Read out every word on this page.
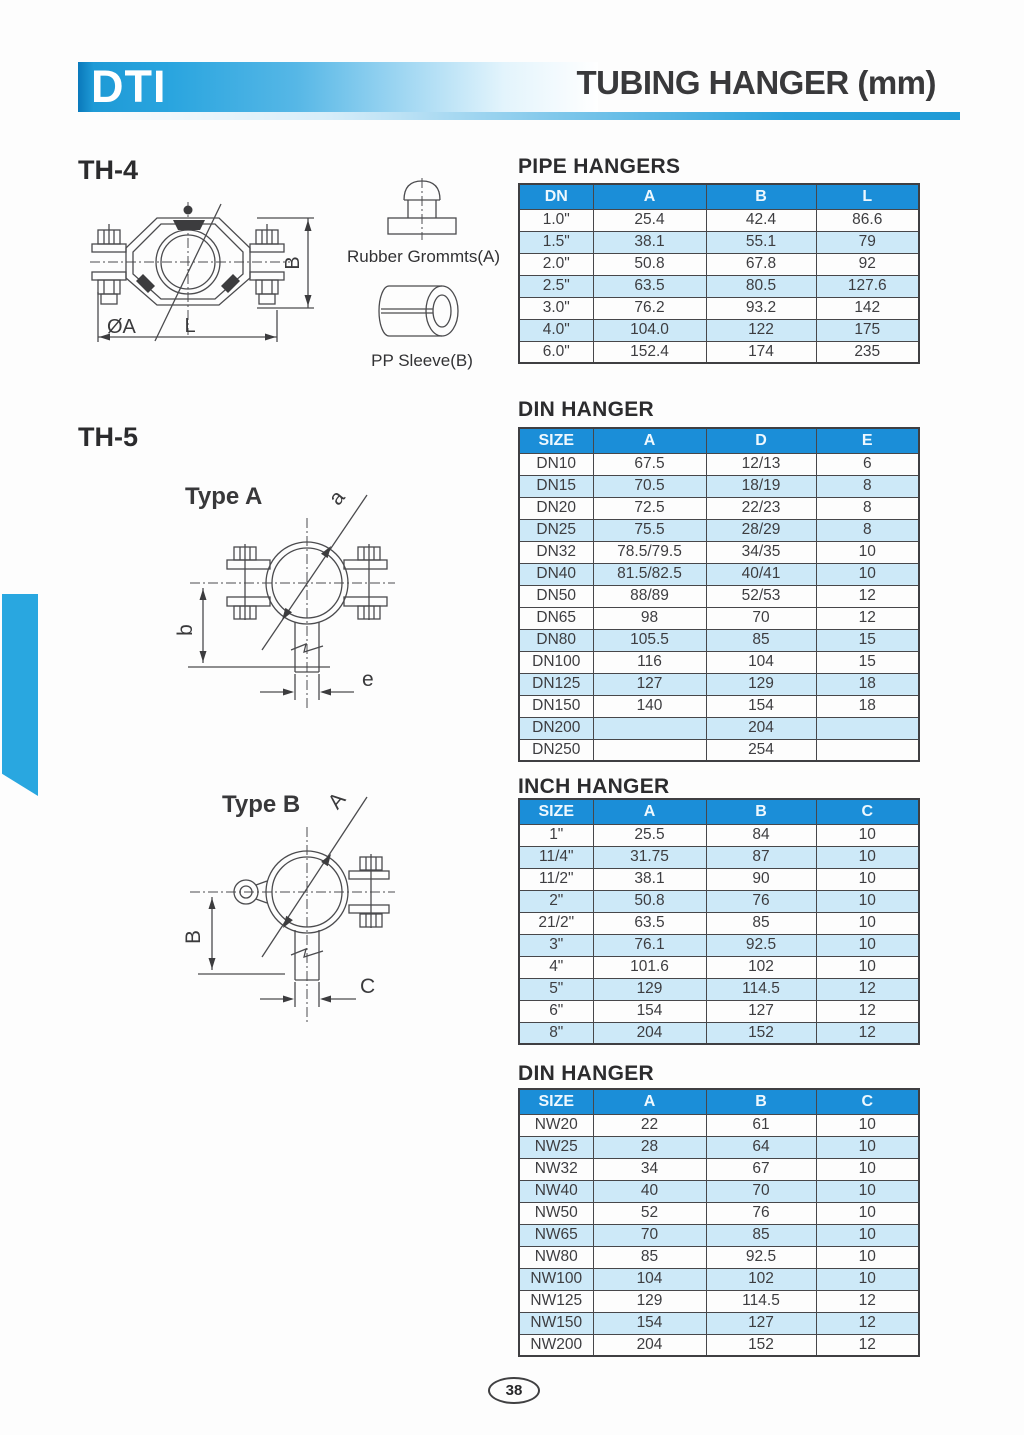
DTI	TUBING HANGER (mm)
TH-4
B
L
ØA
Rubber Grommts(A)
PP Sleeve(B)
TH-5
Type A	a
b
e
Type B A
B
C
PIPE HANGERS
DN	A	B	L
1.0"	25.4	42.4	86.6
1.5"	38.1	55.1	79
2.0"	50.8	67.8	92
2.5"	63.5	80.5	127.6
3.0"	76.2	93.2	142
4.0"	104.0	122	175
6.0"	152.4	174	235
DIN HANGER
SIZE	A	D	E
DN10	67.5	12/13	6
DN15	70.5	18/19	8
DN20	72.5	22/23	8
DN25	75.5	28/29	8
DN32	78.5/79.5	34/35	10
DN40	81.5/82.5	40/41	10
DN50	88/89	52/53	12
DN65	98	70	12
DN80	105.5	85	15
DN100	116	104	15
DN125	127	129	18
DN150	140	154	18
DN200		204	
DN250		254	
INCH HANGER
SIZE	A	B	C
1"	25.5	84	10
11/4"	31.75	87	10
11/2"	38.1	90	10
2"	50.8	76	10
21/2"	63.5	85	10
3"	76.1	92.5	10
4"	101.6	102	10
5"	129	114.5	12
6"	154	127	12
8"	204	152	12
DIN HANGER
SIZE	A	B	C
NW20	22	61	10
NW25	28	64	10
NW32	34	67	10
NW40	40	70	10
NW50	52	76	10
NW65	70	85	10
NW80	85	92.5	10
NW100	104	102	10
NW125	129	114.5	12
NW150	154	127	12
NW200	204	152	12
38
